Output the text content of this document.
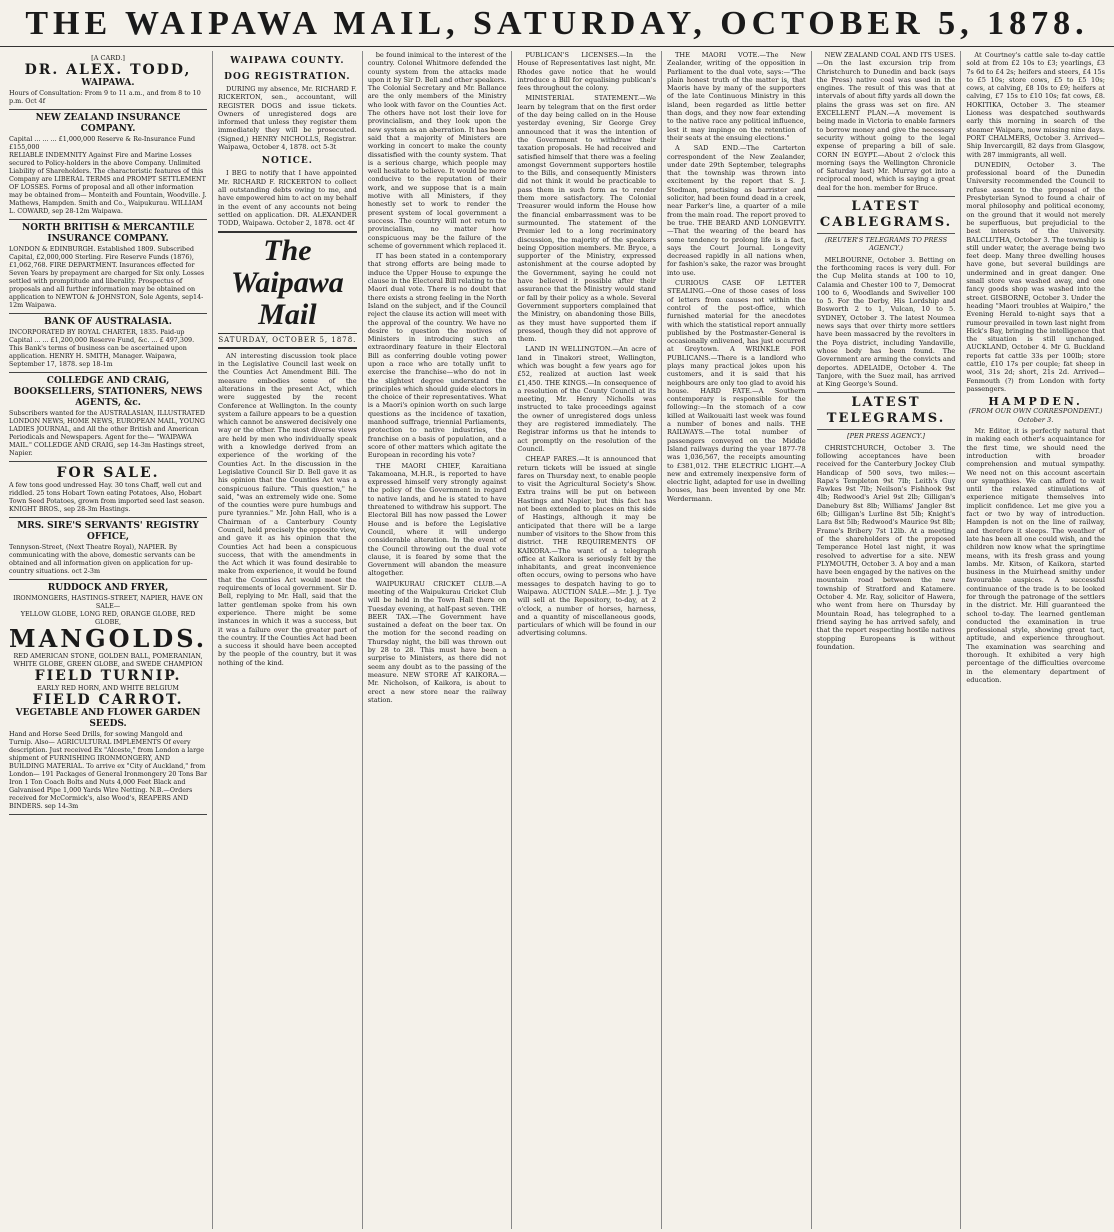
THE WAIPAWA MAIL, SATURDAY, OCTOBER 5, 1878.
[A CARD.]
DR. ALEX. TODD,
WAIPAWA.
Hours of Consultation: From 9 to 11 a.m., and from 8 to 10 p.m. Oct 4f
NEW ZEALAND INSURANCE COMPANY.
Capital ... ... ... £1,000,000 Reserve & Re-Insurance Fund £155,000
RELIABLE INDEMNITY Against Fire and Marine Losses secured to Policy-holders in the above Company. Unlimited Liability of Shareholders. The characteristic features of this Company are LIBERAL TERMS and PROMPT SETTLEMENT OF LOSSES. Forms of proposal and all other information may be obtained from— Monteith and Fountain, Woodville. J. Mathews, Hampden. Smith and Co., Waipukurau. WILLIAM L. COWARD, sep 28-12m Waipawa.
NORTH BRITISH & MERCANTILE INSURANCE COMPANY.
LONDON & EDINBURGH. Established 1809. Subscribed Capital, £2,000,000 Sterling. Fire Reserve Funds (1876), £1,062,768. FIRE DEPARTMENT. Insurances effected for Seven Years by prepayment are charged for Six only. Losses settled with promptitude and liberality. Prospectus of proposals and all further information may be obtained on application to NEWTON & JOHNSTON, Sole Agents, sep14-12m Waipawa.
BANK OF AUSTRALASIA.
INCORPORATED BY ROYAL CHARTER, 1835. Paid-up Capital ... ... £1,200,000 Reserve Fund, &c. ... £ 497,309. This Bank's terms of business can be ascertained upon application. HENRY H. SMITH, Manager. Waipawa, September 17, 1878. sep 18-1m
COLLEDGE AND CRAIG, BOOKSELLERS, STATIONERS, NEWS AGENTS, &c.
Subscribers wanted for the AUSTRALASIAN, ILLUSTRATED LONDON NEWS, HOME NEWS, EUROPEAN MAIL, YOUNG LADIES JOURNAL, and All the other British and American Periodicals and Newspapers. Agent for the— "WAIPAWA MAIL." COLLEDGE AND CRAIG, sep 14-3m Hastings street, Napier.
FOR SALE.
A few tons good undressed Hay. 30 tons Chaff, well cut and riddled. 25 tons Hobart Town eating Potatoes, Also, Hobart Town Seed Potatoes, grown from imported seed last season. KNIGHT BROS., sep 28-3m Hastings.
MRS. SIRE'S SERVANTS' REGISTRY OFFICE,
Tennyson-Street, (Next Theatre Royal), NAPIER. By communicating with the above, domestic servants can be obtained and all information given on application for up-country situations. oct 2-3m
RUDDOCK AND FRYER,
IRONMONGERS, HASTINGS-STREET, NAPIER, HAVE ON SALE—
YELLOW GLOBE, LONG RED, ORANGE GLOBE, RED GLOBE,
MANGOLDS.
RED AMERICAN STONE, GOLDEN BALL, POMERANIAN, WHITE GLOBE, GREEN GLOBE, and SWEDE CHAMPION
FIELD TURNIP.
EARLY RED HORN, AND WHITE BELGIUM
FIELD CARROT.
VEGETABLE AND FLOWER GARDEN SEEDS.
Hand and Horse Seed Drills, for sowing Mangold and Turnip. Also— AGRICULTURAL IMPLEMENTS Of every description. Just received Ex "Alceste," from London a large shipment of FURNISHING IRONMONGERY, AND BUILDING MATERIAL. To arrive ex "City of Auckland," from London— 191 Packages of General Ironmongery 20 Tons Bar Iron 1 Ton Coach Bolts and Nuts 4,000 Feet Black and Galvanised Pipe 1,000 Yards Wire Netting. N.B.—Orders received for McCormick's, also Wood's, REAPERS AND BINDERS. sep 14-3m
WAIPAWA COUNTY.
DOG REGISTRATION.

DURING my absence, Mr. RICHARD F. RICKERTON, sen., accountant, will REGISTER DOGS and issue tickets. Owners of unregistered dogs are informed that unless they register them immediately they will be prosecuted. (Signed,) HENRY NICHOLLS, Registrar. Waipawa, October 4, 1878. oct 5-3t

NOTICE.

I BEG to notify that I have appointed Mr. RICHARD F. RICKERTON to collect all outstanding debts owing to me, and have empowered him to act on my behalf in the event of any accounts not being settled on application. DR. ALEXANDER TODD, Waipawa. October 2, 1878. oct 4f

The Waipawa Mail
SATURDAY, OCTOBER 5, 1878.

AN interesting discussion took place in the Legislative Council last week on the Counties Act Amendment Bill. The measure embodies some of the alterations in the present Act, which were suggested by the recent Conference at Wellington. In the county system a failure appears to be a question which cannot be answered decisively one way or the other. The most diverse views are held by men who individually speak with a knowledge derived from an experience of the working of the Counties Act. In the discussion in the Legislative Council Sir D. Bell gave it as his opinion that the Counties Act was a conspicuous failure. "This question," he said, "was an extremely wide one. Some of the counties were pure humbugs and pure tyrannies." Mr. John Hall, who is a Chairman of a Canterbury County Council, held precisely the opposite view, and gave it as his opinion that the Counties Act had been a conspicuous success, that with the amendments in the Act which it was found desirable to make from experience, it would be found that the Counties Act would meet the requirements of local government. Sir D. Bell, replying to Mr. Hall, said that the latter gentleman spoke from his own experience. There might be some instances in which it was a success, but it was a failure over the greater part of the country. If the Counties Act had been a success it should have been accepted by the people of the country, but it was nothing of the kind.

be found inimical to the interest of the country. Colonel Whitmore defended the county system from the attacks made upon it by Sir D. Bell and other speakers. The Colonial Secretary and Mr. Ballance are the only members of the Ministry who look with favor on the Counties Act. The others have not lost their love for provincialism, and they look upon the new system as an aberration. It has been said that a majority of Ministers are working in concert to make the county dissatisfied with the county system. That is a serious charge, which people may well hesitate to believe. It would be more conducive to the reputation of their work, and we suppose that is a main motive with all Ministers, if they honestly set to work to render the present system of local government a success. The country will not return to provincialism, no matter how conspicuous may be the failure of the scheme of government which replaced it.

IT has been stated in a contemporary that strong efforts are being made to induce the Upper House to expunge the clause in the Electoral Bill relating to the Maori dual vote. There is no doubt that there exists a strong feeling in the North Island on the subject, and if the Council reject the clause its action will meet with the approval of the country. We have no desire to question the motives of Ministers in introducing such an extraordinary feature in their Electoral Bill as conferring double voting power upon a race who are totally unfit to exercise the franchise—who do not in the slightest degree understand the principles which should guide electors in the choice of their representatives. What is a Maori's opinion worth on such large questions as the incidence of taxation, manhood suffrage, triennial Parliaments, protection to native industries, the franchise on a basis of population, and a score of other matters which agitate the European in recording his vote?

THE MAORI CHIEF, Karaitiana Takamoana, M.H.R., is reported to have expressed himself very strongly against the policy of the Government in regard to native lands, and he is stated to have threatened to withdraw his support. The Electoral Bill has now passed the Lower House and is before the Legislative Council, where it will undergo considerable alteration. In the event of the Council throwing out the dual vote clause, it is feared by some that the Government will abandon the measure altogether.

WAIPUKURAU CRICKET CLUB.—A meeting of the Waipukurau Cricket Club will be held in the Town Hall there on Tuesday evening, at half-past seven. THE BEER TAX.—The Government have sustained a defeat on the beer tax. On the motion for the second reading on Thursday night, the bill was thrown out by 28 to 28. This must have been a surprise to Ministers, as there did not seem any doubt as to the passing of the measure. NEW STORE AT KAIKORA.—Mr. Nicholson, of Kaikora, is about to erect a new store near the railway station.

PUBLICAN'S LICENSES.—In the House of Representatives last night, Mr. Rhodes gave notice that he would introduce a Bill for equalising publican's fees throughout the colony.

MINISTERIAL STATEMENT.—We learn by telegram that on the first order of the day being called on in the House yesterday evening, Sir George Grey announced that it was the intention of the Government to withdraw their taxation proposals. He had received and satisfied himself that there was a feeling amongst Government supporters hostile to the Bills, and consequently Ministers did not think it would be practicable to pass them in such form as to render them more satisfactory. The Colonial Treasurer would inform the House how the financial embarrassment was to be surmounted. The statement of the Premier led to a long recriminatory discussion, the majority of the speakers being Opposition members. Mr. Bryce, a supporter of the Ministry, expressed astonishment at the course adopted by the Government, saying he could not have believed it possible after their assurance that the Ministry would stand or fall by their policy as a whole. Several Government supporters complained that the Ministry, on abandoning those Bills, as they must have supported them if pressed, though they did not approve of them.

LAND IN WELLINGTON.—An acre of land in Tinakori street, Wellington, which was bought a few years ago for £52, realized at auction last week £1,450. THE KINGS.—In consequence of a resolution of the County Council at its meeting, Mr. Henry Nicholls was instructed to take proceedings against the owner of unregistered dogs unless they are registered immediately. The Registrar informs us that he intends to act promptly on the resolution of the Council.

CHEAP FARES.—It is announced that return tickets will be issued at single fares on Thursday next, to enable people to visit the Agricultural Society's Show. Extra trains will be put on between Hastings and Napier, but this fact has not been extended to places on this side of Hastings, although it may be anticipated that there will be a large number of visitors to the Show from this district. THE REQUIREMENTS OF KAIKORA.—The want of a telegraph office at Kaikora is seriously felt by the inhabitants, and great inconvenience often occurs, owing to persons who have messages to despatch having to go to Waipawa. AUCTION SALE.—Mr. J. J. Tye will sell at the Repository, to-day, at 2 o'clock, a number of horses, harness, and a quantity of miscellaneous goods, particulars of which will be found in our advertising columns.

THE MAORI VOTE.—The New Zealander, writing of the opposition in Parliament to the dual vote, says:—"The plain honest truth of the matter is, that Maoris have by many of the supporters of the late Continuous Ministry in this island, been regarded as little better than dogs, and they now fear extending to the native race any political influence, lest it may impinge on the retention of their seats at the ensuing elections."

A SAD END.—The Carterton correspondent of the New Zealander, under date 29th September, telegraphs that the township was thrown into excitement by the report that S. J. Stedman, practising as barrister and solicitor, had been found dead in a creek, near Parker's line, a quarter of a mile from the main road. The report proved to be true. THE BEARD AND LONGEVITY.—That the wearing of the beard has some tendency to prolong life is a fact, says the Court Journal. Longevity decreased rapidly in all nations when, for fashion's sake, the razor was brought into use.

CURIOUS CASE OF LETTER STEALING.—One of those cases of loss of letters from causes not within the control of the post-office, which furnished material for the anecdotes with which the statistical report annually published by the Postmaster-General is occasionally enlivened, has just occurred at Greytown. A WRINKLE FOR PUBLICANS.—There is a landlord who plays many practical jokes upon his customers, and it is said that his neighbours are only too glad to avoid his house. HARD FATE.—A Southern contemporary is responsible for the following:—In the stomach of a cow killed at Waikouaiti last week was found a number of bones and nails. THE RAILWAYS.—The total number of passengers conveyed on the Middle Island railways during the year 1877-78 was 1,036,567, the receipts amounting to £381,012. THE ELECTRIC LIGHT.—A new and extremely inexpensive form of electric light, adapted for use in dwelling houses, has been invented by one Mr. Werdermann.

NEW ZEALAND COAL AND ITS USES.—On the last excursion trip from Christchurch to Dunedin and back (says the Press) native coal was used in the engines. The result of this was that at intervals of about fifty yards all down the plains the grass was set on fire. AN EXCELLENT PLAN.—A movement is being made in Victoria to enable farmers to borrow money and give the necessary security without going to the legal expense of preparing a bill of sale. CORN IN EGYPT.—About 2 o'clock this morning (says the Wellington Chronicle of Saturday last) Mr. Murray got into a reciprocal mood, which is saying a great deal for the hon. member for Bruce.

LATEST CABLEGRAMS.
(REUTER'S TELEGRAMS TO PRESS AGENCY.)

MELBOURNE, October 3. Betting on the forthcoming races is very dull. For the Cup Melita stands at 100 to 10, Calamia and Chester 100 to 7, Democrat 100 to 6, Woodlands and Swiveller 100 to 5. For the Derby, His Lordship and Bosworth 2 to 1, Vulcan, 10 to 5. SYDNEY, October 3. The latest Noumea news says that over thirty more settlers have been massacred by the revolters in the Poya district, including Yandaville, whose body has been found. The Government are arming the convicts and deportes. ADELAIDE, October 4. The Tanjore, with the Suez mail, has arrived at King George's Sound.

LATEST TELEGRAMS.
[PER PRESS AGENCY.]

CHRISTCHURCH, October 3. The following acceptances have been received for the Canterbury Jockey Club Handicap of 500 sovs, two miles:—Rapa's Templeton 9st 7lb; Leith's Guy Fawkes 9st 7lb; Neilson's Fishhook 9st 4lb; Redwood's Ariel 9st 2lb; Gilligan's Danebury 8st 8lb; Williams' Jangler 8st 6lb; Gilligan's Lurline 8st 5lb; Knight's Lara 8st 5lb; Redwood's Maurice 9st 8lb; Frame's Bribery 7st 12lb. At a meeting of the shareholders of the proposed Temperance Hotel last night, it was resolved to advertise for a site. NEW PLYMOUTH, October 3. A boy and a man have been engaged by the natives on the mountain road between the new township of Stratford and Katamere. October 4. Mr. Ray, solicitor of Hawera, who went from here on Thursday by Mountain Road, has telegraphed to a friend saying he has arrived safely, and that the report respecting hostile natives stopping Europeans is without foundation.

At Courtney's cattle sale to-day cattle sold at from £2 10s to £3; yearlings, £3 7s 6d to £4 2s; heifers and steers, £4 15s to £5 10s; store cows, £5 to £5 10s; cows, at calving, £8 10s to £9; heifers at calving, £7 15s to £10 10s; fat cows, £8. HOKITIKA, October 3. The steamer Lioness was despatched southwards early this morning in search of the steamer Waipara, now missing nine days. PORT CHALMERS, October 3. Arrived—Ship Invercargill, 82 days from Glasgow, with 287 immigrants, all well.

DUNEDIN, October 3. The professional board of the Dunedin University recommended the Council to refuse assent to the proposal of the Presbyterian Synod to found a chair of moral philosophy and political economy, on the ground that it would not merely be superfluous, but prejudicial to the best interests of the University. BALCLUTHA, October 3. The township is still under water, the average being two feet deep. Many three dwelling houses have gone, but several buildings are undermined and in great danger. One small store was washed away, and one fancy goods shop was washed into the street. GISBORNE, October 3. Under the heading "Maori troubles at Waipiro," the Evening Herald to-night says that a rumour prevailed in town last night from Hick's Bay, bringing the intelligence that the situation is still unchanged. AUCKLAND, October 4. Mr G. Buckland reports fat cattle 33s per 100lb; store cattle, £10 17s per couple; fat sheep in wool, 31s 2d; short, 21s 2d. Arrived—Fenmouth (?) from London with forty passengers.

HAMPDEN.
(FROM OUR OWN CORRESPONDENT.) October 3.

Mr. Editor, it is perfectly natural that in making each other's acquaintance for the first time, we should need the introduction with broader comprehension and mutual sympathy. We need not on this account ascertain our sympathies. We can afford to wait until the relaxed stimulations of experience mitigate themselves into implicit confidence. Let me give you a fact or two by way of introduction. Hampden is not on the line of railway, and therefore it sleeps. The weather of late has been all one could wish, and the children now know what the springtime means, with its fresh grass and young lambs. Mr. Kitson, of Kaikora, started business in the Muirhead smithy under favourable auspices. A successful continuance of the trade is to be looked for through the patronage of the settlers in the district. Mr. Hill guaranteed the school to-day. The learned gentleman conducted the examination in true professional style, showing great tact, aptitude, and experience throughout. The examination was searching and thorough. It exhibited a very high percentage of the difficulties overcome in the elementary department of education.
